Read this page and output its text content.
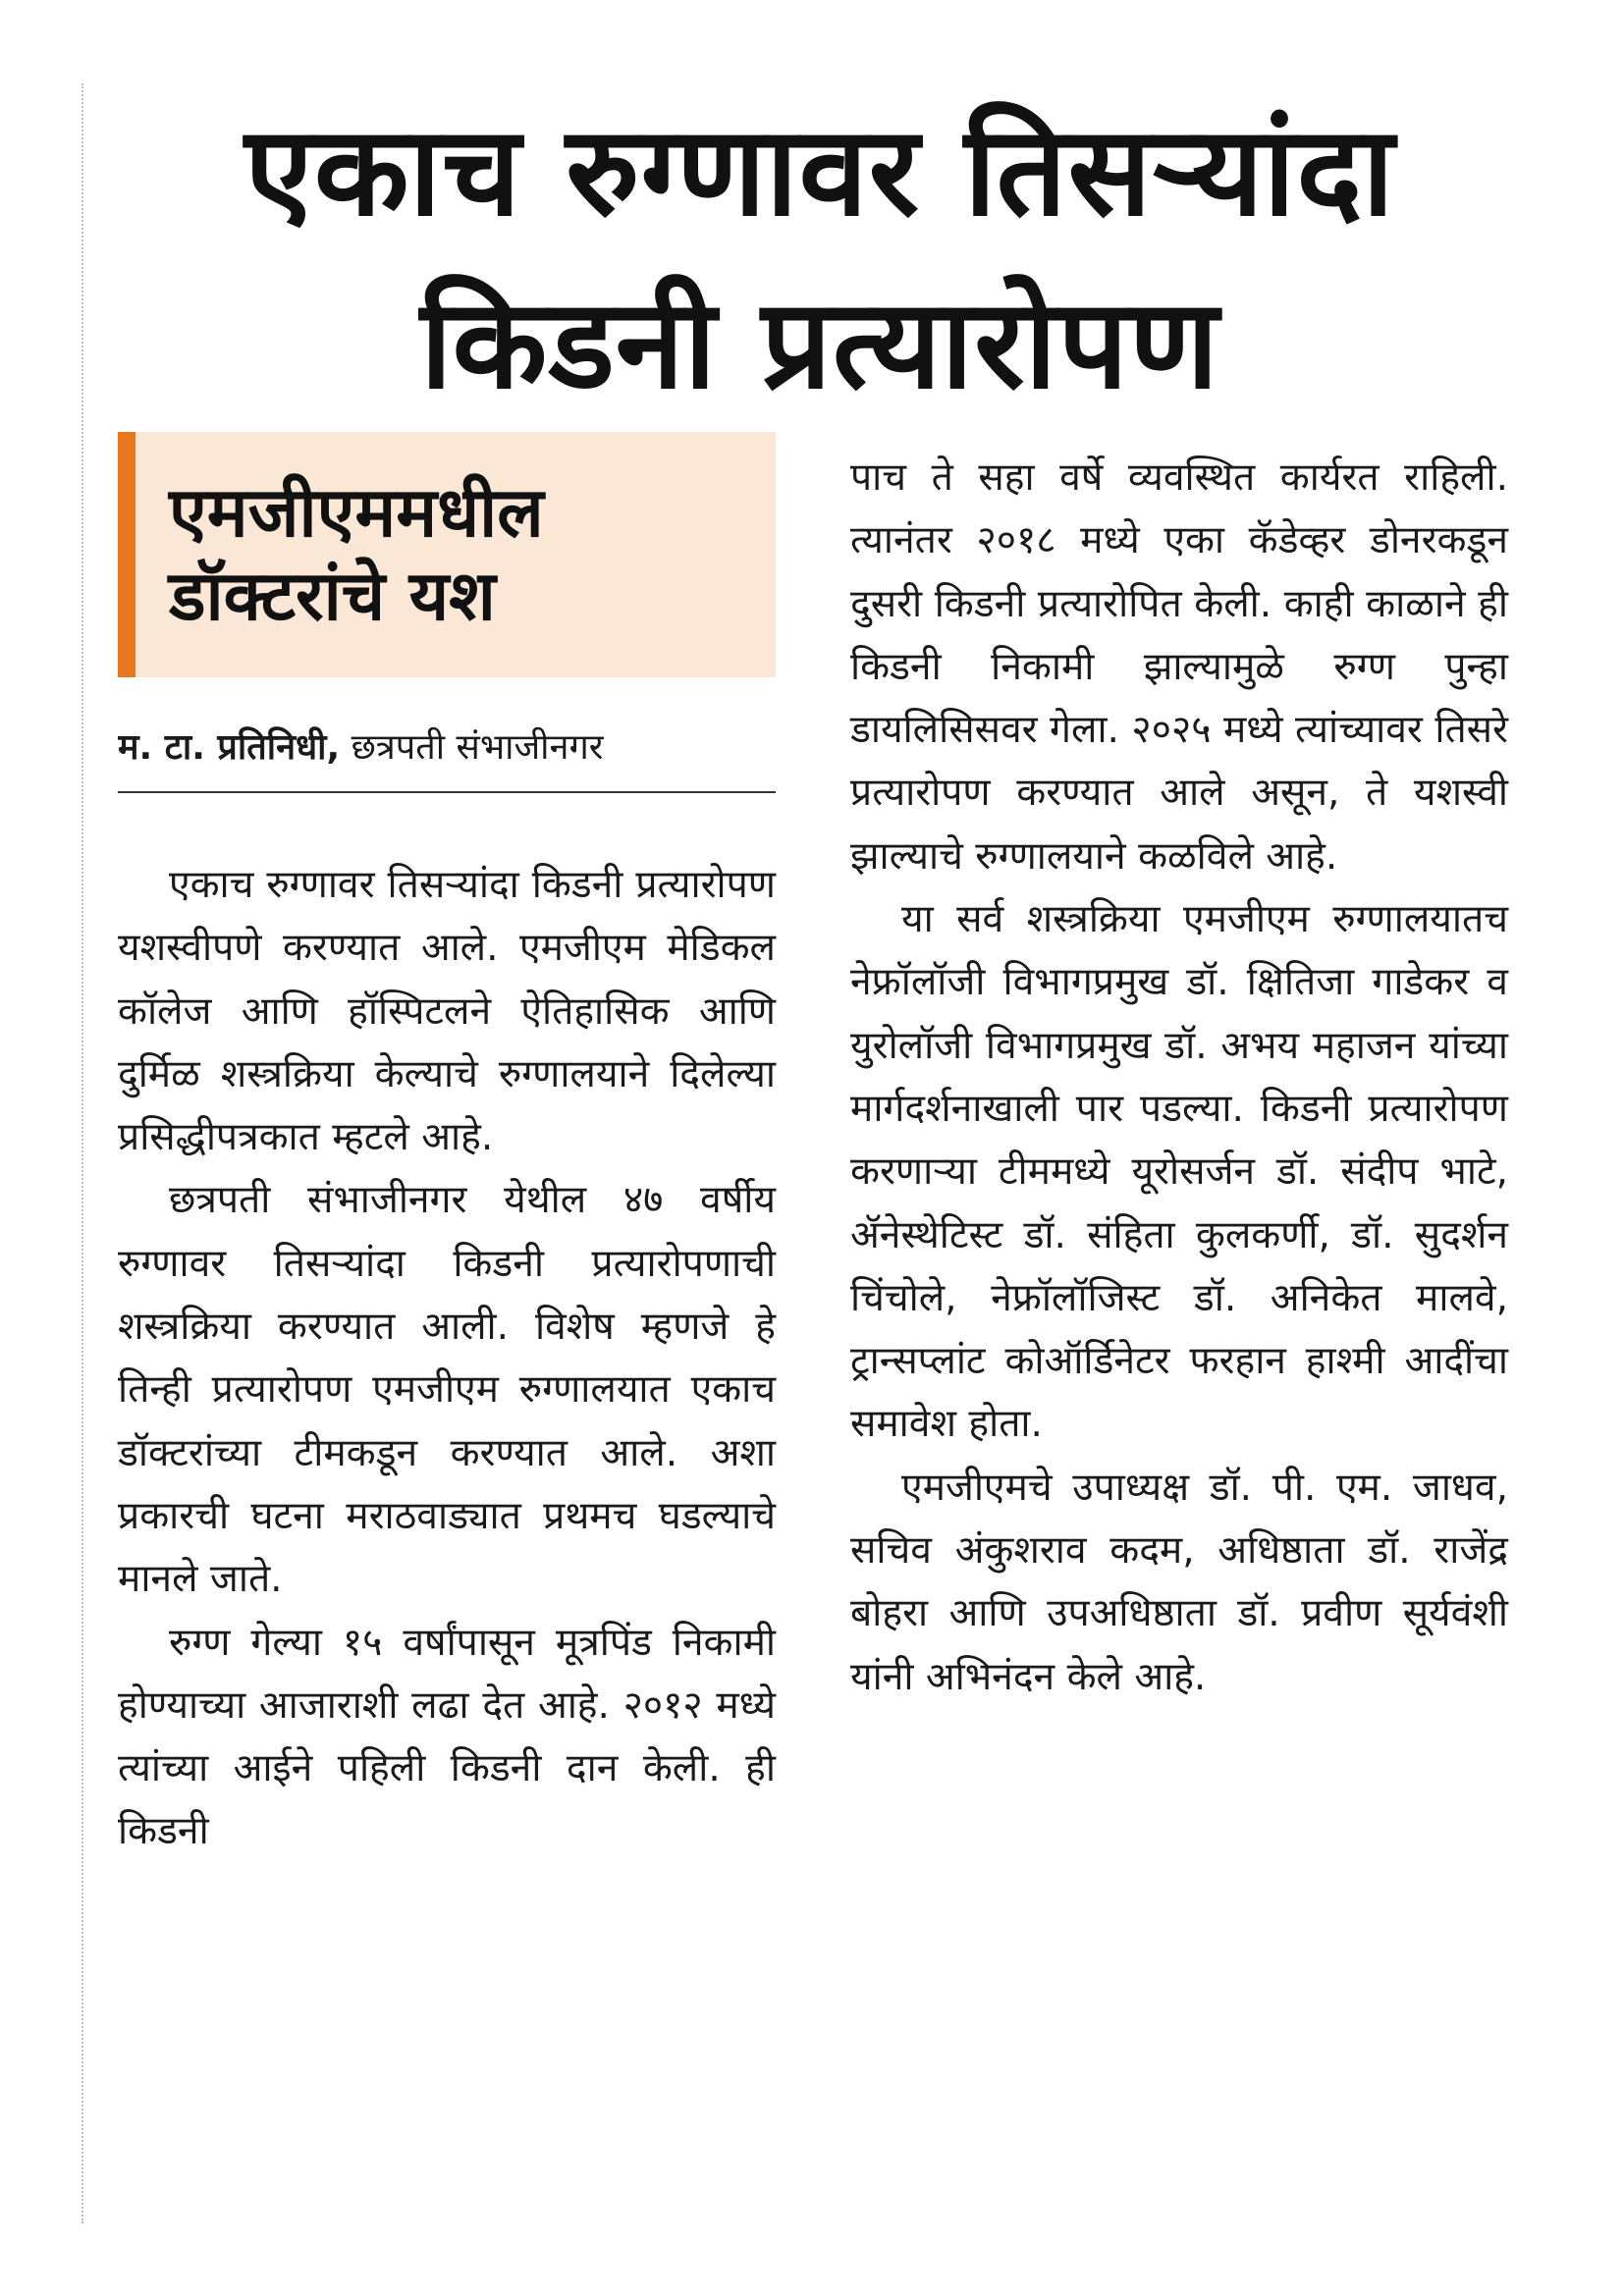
एकाच रुग्णावर तिसऱ्यांदा
किडनी प्रत्यारोपण
एमजीएममधील
डॉक्टरांचे यश
म. टा. प्रतिनिधी, छत्रपती संभाजीनगर

एकाच रुग्णावर तिसऱ्यांदा किडनी प्रत्यारोपण यशस्वीपणे करण्यात आले. एमजीएम मेडिकल कॉलेज आणि हॉस्पिटलने ऐतिहासिक आणि दुर्मिळ शस्त्रक्रिया केल्याचे रुग्णालयाने दिलेल्या प्रसिद्धीपत्रकात म्हटले आहे.

छत्रपती संभाजीनगर येथील ४७ वर्षीय रुग्णावर तिसऱ्यांदा किडनी प्रत्यारोपणाची शस्त्रक्रिया करण्यात आली. विशेष म्हणजे हे तिन्ही प्रत्यारोपण एमजीएम रुग्णालयात एकाच डॉक्टरांच्या टीमकडून करण्यात आले. अशा प्रकारची घटना मराठवाड्यात प्रथमच घडल्याचे मानले जाते.

रुग्ण गेल्या १५ वर्षांपासून मूत्रपिंड निकामी होण्याच्या आजाराशी लढा देत आहे. २०१२ मध्ये त्यांच्या आईने पहिली किडनी दान केली. ही किडनी

पाच ते सहा वर्षे व्यवस्थित कार्यरत राहिली. त्यानंतर २०१८ मध्ये एका कॅडेव्हर डोनरकडून दुसरी किडनी प्रत्यारोपित केली. काही काळाने ही किडनी निकामी झाल्यामुळे रुग्ण पुन्हा डायलिसिसवर गेला. २०२५ मध्ये त्यांच्यावर तिसरे प्रत्यारोपण करण्यात आले असून, ते यशस्वी झाल्याचे रुग्णालयाने कळविले आहे.

या सर्व शस्त्रक्रिया एमजीएम रुग्णालयातच नेफ्रॉलॉजी विभागप्रमुख डॉ. क्षितिजा गाडेकर व युरोलॉजी विभागप्रमुख डॉ. अभय महाजन यांच्या मार्गदर्शनाखाली पार पडल्या. किडनी प्रत्यारोपण करणाऱ्या टीममध्ये यूरोसर्जन डॉ. संदीप भाटे, ॲनेस्थेटिस्ट डॉ. संहिता कुलकर्णी, डॉ. सुदर्शन चिंचोले, नेफ्रॉलॉजिस्ट डॉ. अनिकेत मालवे, ट्रान्सप्लांट कोऑर्डिनेटर फरहान हाश्मी आदींचा समावेश होता.

एमजीएमचे उपाध्यक्ष डॉ. पी. एम. जाधव, सचिव अंकुशराव कदम, अधिष्ठाता डॉ. राजेंद्र बोहरा आणि उपअधिष्ठाता डॉ. प्रवीण सूर्यवंशी यांनी अभिनंदन केले आहे.
